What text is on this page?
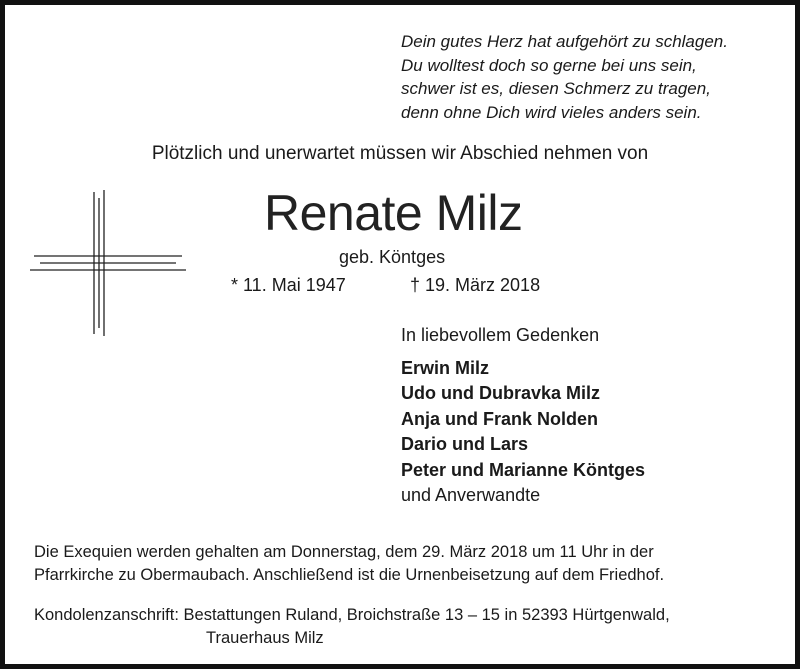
Dein gutes Herz hat aufgehört zu schlagen.
Du wolltest doch so gerne bei uns sein,
schwer ist es, diesen Schmerz zu tragen,
denn ohne Dich wird vieles anders sein.
Plötzlich und unerwartet müssen wir Abschied nehmen von
Renate Milz
geb. Köntges
* 11. Mai 1947	† 19. März 2018
In liebevollem Gedenken
Erwin Milz
Udo und Dubravka Milz
Anja und Frank Nolden
Dario und Lars
Peter und Marianne Köntges
und Anverwandte
Die Exequien werden gehalten am Donnerstag, dem 29. März 2018 um 11 Uhr in der
Pfarrkirche zu Obermaubach. Anschließend ist die Urnenbeisetzung auf dem Friedhof.
Kondolenzanschrift: Bestattungen Ruland, Broichstraße 13 – 15 in 52393 Hürtgenwald,
Trauerhaus Milz
